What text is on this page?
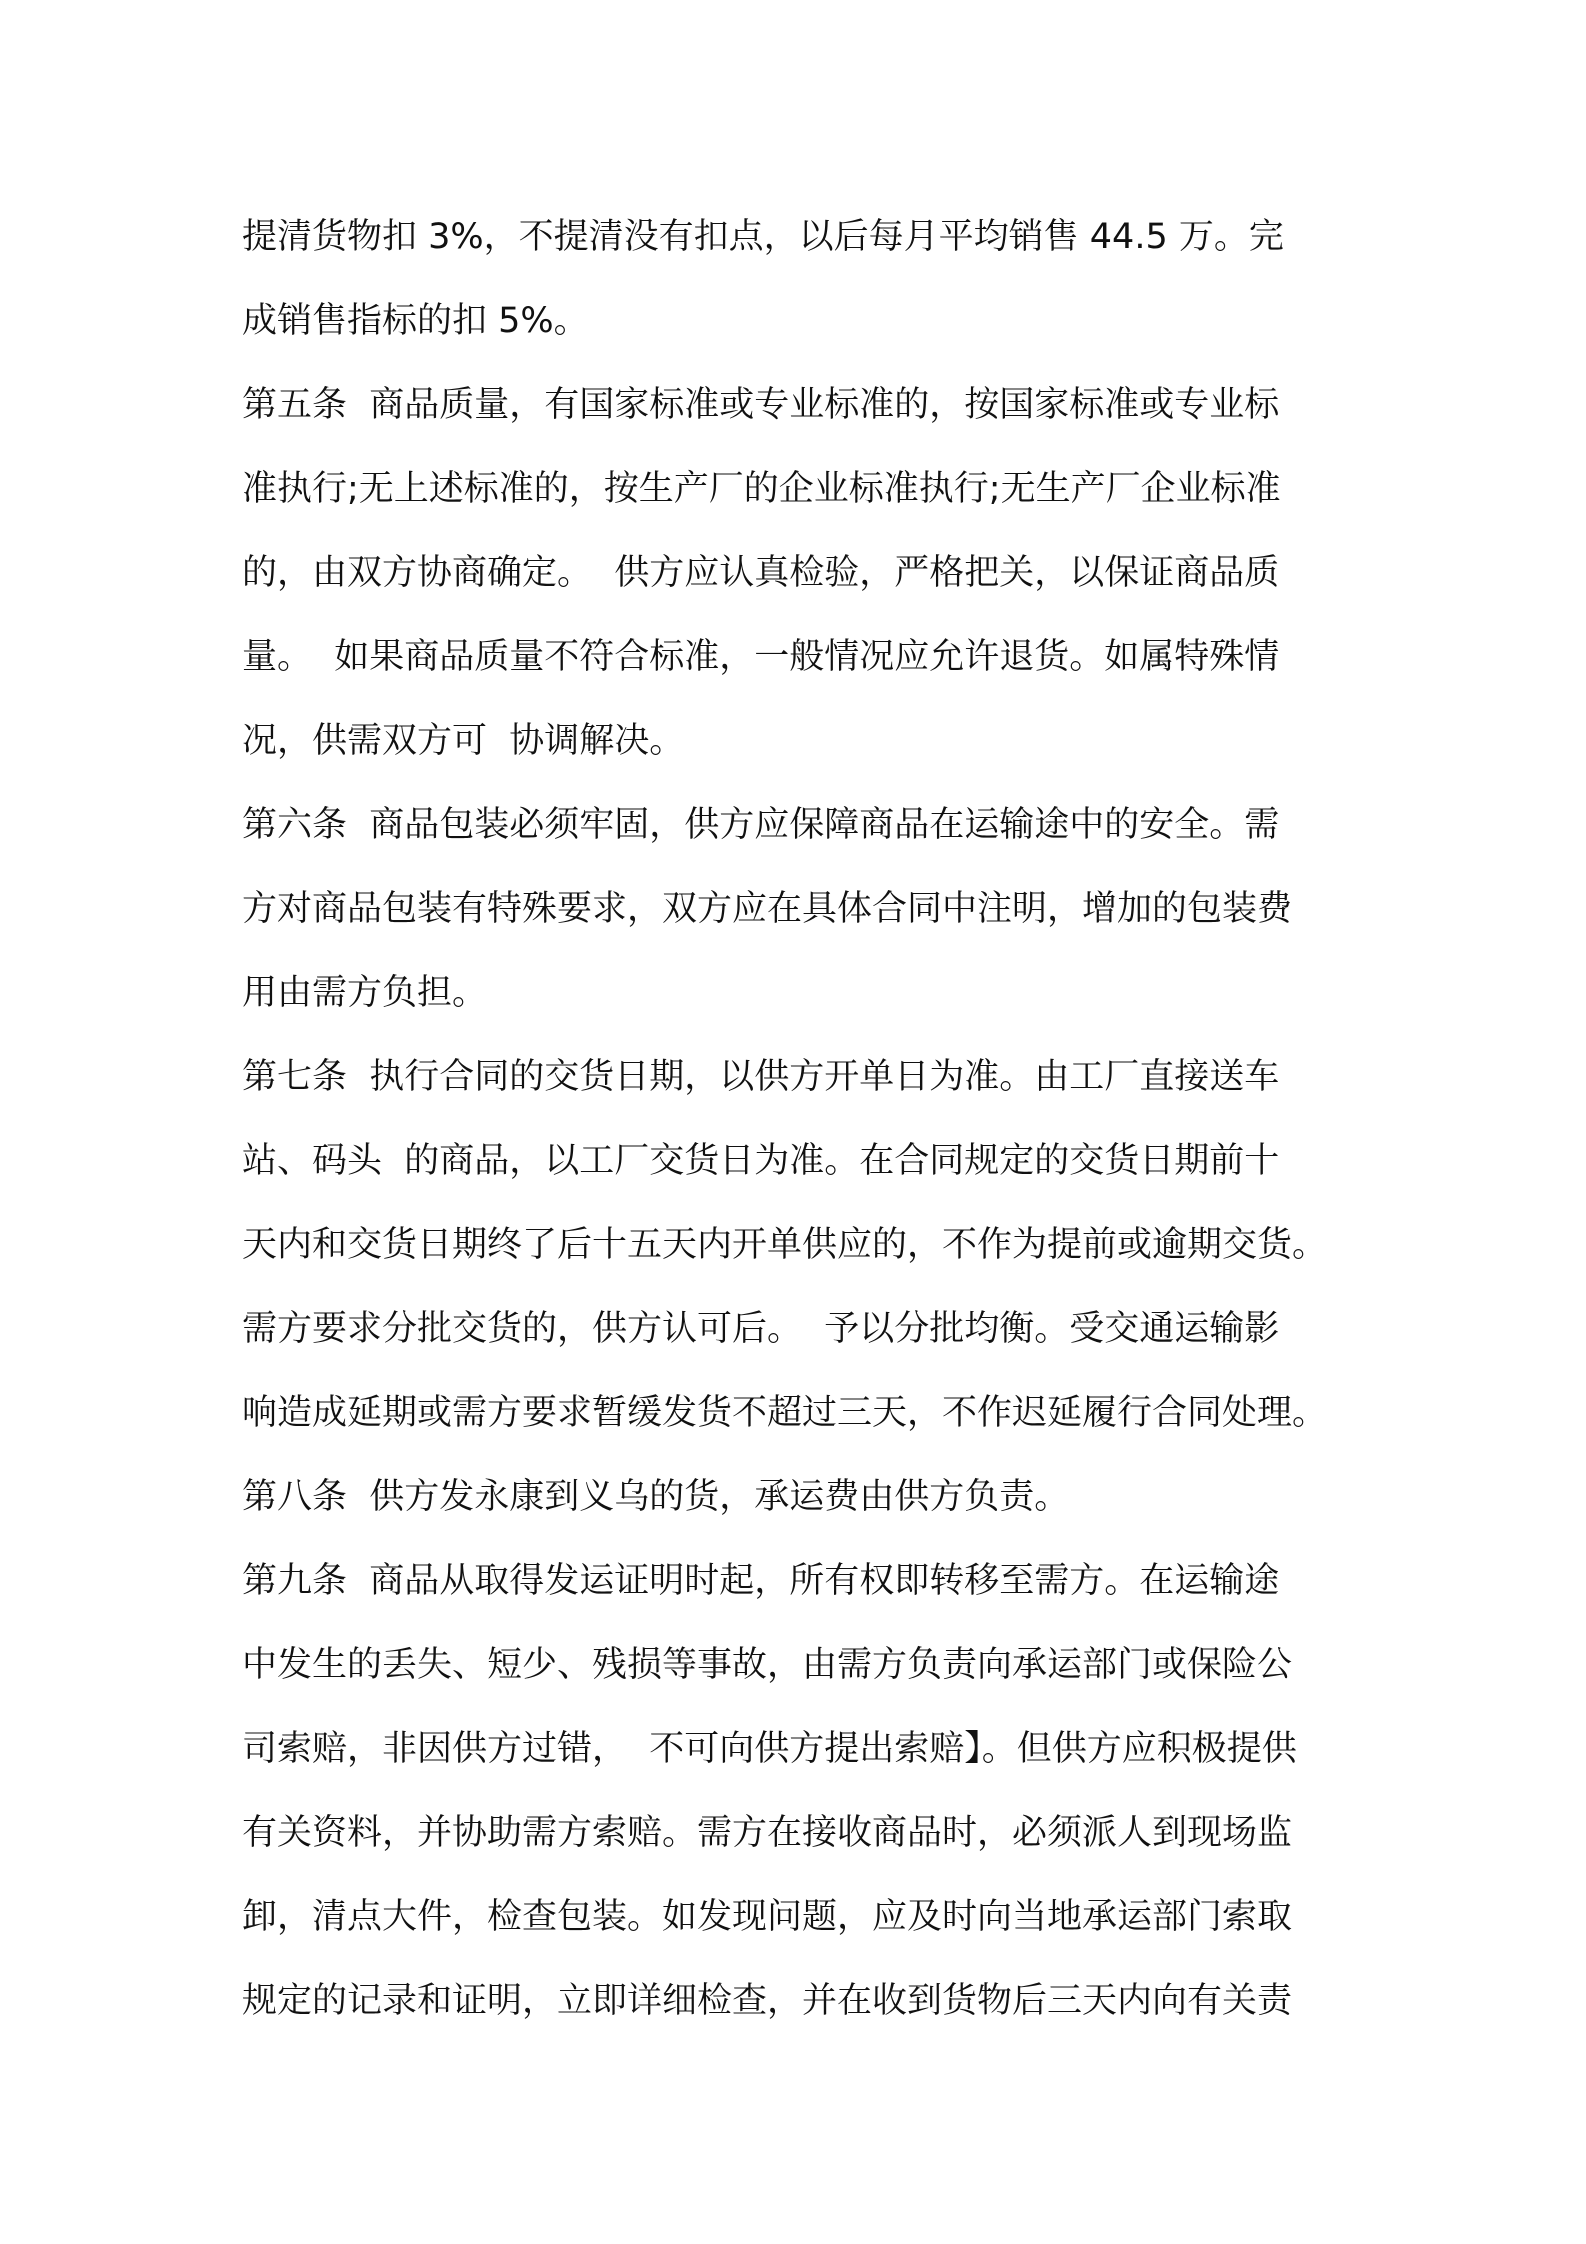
提清货物扣 3%，不提清没有扣点，以后每月平均销售 44.5 万。完
成销售指标的扣 5%。
第五条  商品质量，有国家标准或专业标准的，按国家标准或专业标
准执行;无上述标准的，按生产厂的企业标准执行;无生产厂企业标准
的，由双方协商确定。  供方应认真检验，严格把关，以保证商品质
量。  如果商品质量不符合标准，一般情况应允许退货。如属特殊情
况，供需双方可  协调解决。
第六条  商品包装必须牢固，供方应保障商品在运输途中的安全。需
方对商品包装有特殊要求，双方应在具体合同中注明，增加的包装费
用由需方负担。
第七条  执行合同的交货日期，以供方开单日为准。由工厂直接送车
站、码头  的商品，以工厂交货日为准。在合同规定的交货日期前十
天内和交货日期终了后十五天内开单供应的，不作为提前或逾期交货。
需方要求分批交货的，供方认可后。  予以分批均衡。受交通运输影
响造成延期或需方要求暂缓发货不超过三天，不作迟延履行合同处理。
第八条  供方发永康到义乌的货，承运费由供方负责。
第九条  商品从取得发运证明时起，所有权即转移至需方。在运输途
中发生的丢失、短少、残损等事故，由需方负责向承运部门或保险公
司索赔，非因供方过错，  不可向供方提出索赔】。但供方应积极提供
有关资料，并协助需方索赔。需方在接收商品时，必须派人到现场监
卸，清点大件，检查包装。如发现问题，应及时向当地承运部门索取
规定的记录和证明，立即详细检查，并在收到货物后三天内向有关责
